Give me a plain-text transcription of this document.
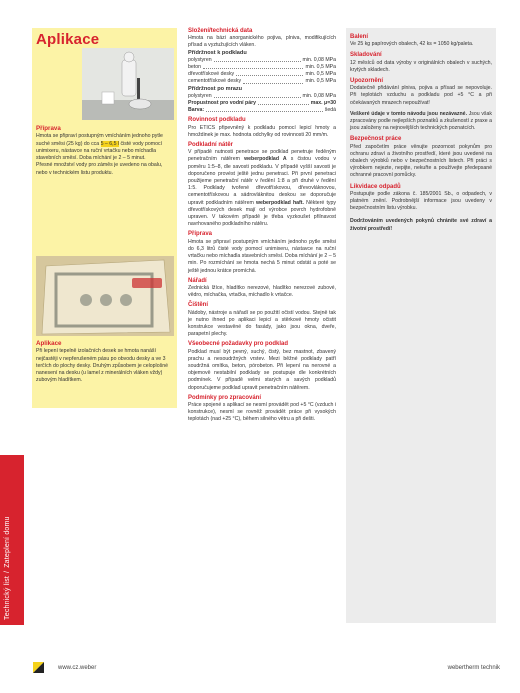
Technický list/Zateplení domu
Aplikace
Příprava

Hmota se připraví postupným vmícháním jednoho pytle suché směsi (25 kg) do cca 5 – 6,5 l čisté vody pomocí unimixeru, nástavce na ruční vrtačku nebo míchadla stavebních směsí. Doba míchání je 2 – 5 minut.

Přesné množství vody pro záměs je uvedeno na obalu, nebo v technickém listu produktu.

Aplikace

Při lepení tepelně izolačních desek se hmota nanáší nejčastěji v nepřerušeném pásu po obvodu desky a ve 3 terčích do plochy desky. Druhým způsobem je celoplošné nanesení na desku (u lamel z minerálních vláken vždy) zubovým hladítkem.

Složení/technická data

Hmota na bázi anorganického pojiva, plniva, modifikujících přísad a vyztužujících vláken.

Přídržnost k podkladu
polystyren	min. 0,08 MPa
beton	min. 0,5 MPa
dřevotřískové desky	min. 0,5 MPa
cementotřískové desky	min. 0,5 MPa
Přídržnost po mrazu
polystyren	min. 0,08 MPa
Propustnost pro vodní páry	max. μ=30
Barva:	šedá
Rovinnost podkladu

Pro ETICS připevněný k podkladu pomocí lepicí hmoty a hmoždinek je max. hodnota odchylky od rovinnosti 20 mm/m.

Podkladní nátěr

V případě nutnosti penetrace se podklad penetruje ředěným penetračním nátěrem weberpodklad A s čistou vodou v poměru 1:5–8, dle savosti podkladu. V případě vyšší savosti je doporučeno provést ještě jednu penetraci. Při první penetraci použijeme penetrační nátěr v ředění 1:8 a při druhé v ředění 1:5. Podklady tvořené dřevotřískovou, dřevovláknovou, cementotřískovou a sádrovláknitou deskou se doporučuje upravit podkladním nátěrem weberpodklad haft. Některé typy dřevotřískových desek mají od výrobce povrch hydrofobně upraven. V takovém případě je třeba vyzkoušet přilnavost navrhovaného podkladního nátěru.

Příprava

Hmota se připraví postupným vmícháním jednoho pytle směsi do 6,3 litrů čisté vody pomocí unimixeru, nástavce na ruční vrtačku nebo míchadla stavebních směsí. Doba míchání je 2 – 5 min. Po rozmíchání se hmota nechá 5 minut odstát a poté se ještě jednou krátce promíchá.

Nářadí

Zednická lžíce, hladítko nerezové, hladítko nerezové zubové, vědro, míchačka, vrtačka, míchadlo k vrtačce.

Čištění

Nádoby, nástroje a nářadí se po použití očistí vodou. Stejně tak je nutno ihned po aplikaci lepicí a stěrkové hmoty očistit konstrukce vestavěné do fasády, jako jsou okna, dveře, parapetní plechy.

Všeobecné požadavky pro podklad

Podklad musí být pevný, suchý, čistý, bez mastnot, zbavený prachu a nesoudržných vrstev. Mezi běžné podklady patří soudržná omítka, beton, pórobeton. Při lepení na nerovné a objemově nestabilní podklady se postupuje dle konkrétních podmínek. V případě velmi starých a savých podkladů doporučujeme podklad upravit penetračním nátěrem.

Podmínky pro zpracování

Práce spojené s aplikací se nesmí provádět pod +5 °C (vzduch i konstrukce), nesmí se rovněž provádět práce při vysokých teplotách (nad +25 °C), během silného větru a při dešti.

Balení

Ve 25 kg papírových obalech, 42 ks = 1050 kg/paleta.

Skladování

12 měsíců od data výroby v originálních obalech v suchých, krytých skladech.

Upozornění

Dodatečně přidávání plniva, pojiva a přísad se nepovoluje. Při teplotách vzduchu a podkladu pod +5 °C a při očekávaných mrazech nepoužívat!

Veškeré údaje v tomto návodu jsou nezávazné. Jsou však zpracovány podle nejlepších poznatků a zkušeností z praxe a jsou založeny na nejnovějších technických poznatcích.

Bezpečnost práce

Před započetím práce věnujte pozornost pokynům pro ochranu zdraví a životního prostředí, které jsou uvedené na obalech výrobků nebo v bezpečnostních listech. Při práci s výrobkem nejezte, nepijte, nekuřte a používejte předepsané ochranné pracovní pomůcky.

Likvidace odpadů

Postupujte podle zákona č. 185/2001 Sb., o odpadech, v platném znění. Podrobnější informace jsou uvedeny v bezpečnostním listu výrobku.

Dodržováním uvedených pokynů chráníte své zdraví a životní prostředí!

www.cz.weber	webertherm technik
